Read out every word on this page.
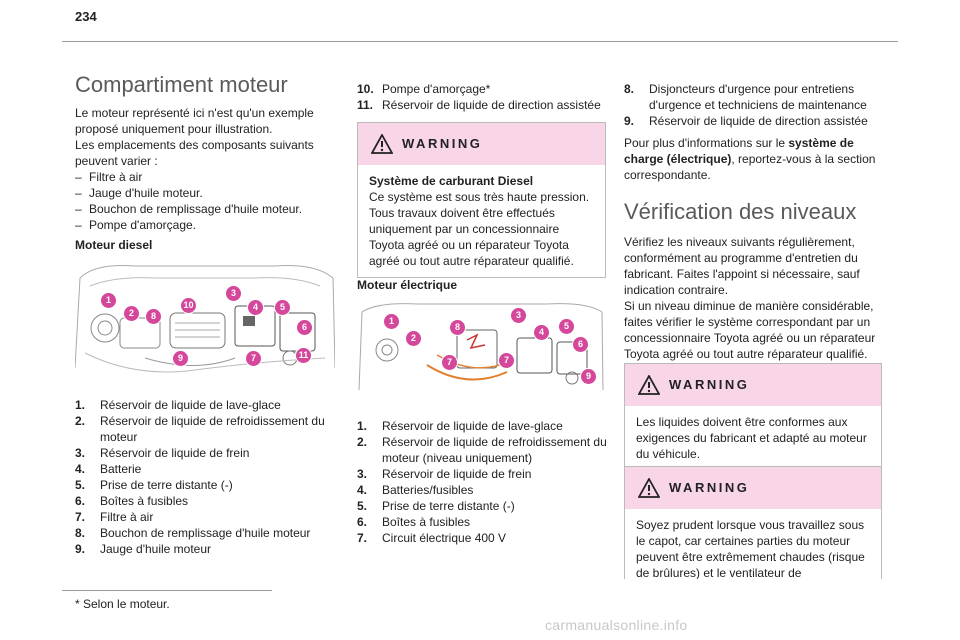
234
Compartiment moteur

Le moteur représenté ici n'est qu'un exemple proposé uniquement pour illustration.

Les emplacements des composants suivants peuvent varier :

– Filtre à air
– Jauge d'huile moteur.
– Bouchon de remplissage d'huile moteur.
– Pompe d'amorçage.
Moteur diesel
1
2
3
4	5
6
7
8
9
10
11
1. Réservoir de liquide de lave-glace
2. Réservoir de liquide de refroidissement du moteur
3. Réservoir de liquide de frein
4. Batterie
5. Prise de terre distante (-)
6. Boîtes à fusibles
7. Filtre à air
8. Bouchon de remplissage d'huile moteur
9. Jauge d'huile moteur
* Selon le moteur.
10. Pompe d'amorçage*
11. Réservoir de liquide de direction assistée
WARNING
Système de carburant Diesel
Ce système est sous très haute pression. Tous travaux doivent être effectués uniquement par un concessionnaire Toyota agréé ou un réparateur Toyota agréé ou tout autre réparateur qualifié.
Moteur électrique
1
2
3
4
5
6
7	7
8
9
1. Réservoir de liquide de lave-glace
2. Réservoir de liquide de refroidissement du moteur (niveau uniquement)
3. Réservoir de liquide de frein
4. Batteries/fusibles
5. Prise de terre distante (-)
6. Boîtes à fusibles
7. Circuit électrique 400 V
8. Disjoncteurs d'urgence pour entretiens d'urgence et techniciens de maintenance
9. Réservoir de liquide de direction assistée

Pour plus d'informations sur le système de charge (électrique), reportez-vous à la section correspondante.

Vérification des niveaux

Vérifiez les niveaux suivants régulièrement, conformément au programme d'entretien du fabricant. Faites l'appoint si nécessaire, sauf indication contraire.

Si un niveau diminue de manière considérable, faites vérifier le système correspondant par un concessionnaire Toyota agréé ou un réparateur Toyota agréé ou tout autre réparateur qualifié.

WARNING
Les liquides doivent être conformes aux exigences du fabricant et adapté au moteur du véhicule.
WARNING
Soyez prudent lorsque vous travaillez sous le capot, car certaines parties du moteur peuvent être extrêmement chaudes (risque de brûlures) et le ventilateur de
carmanualsonline.info
